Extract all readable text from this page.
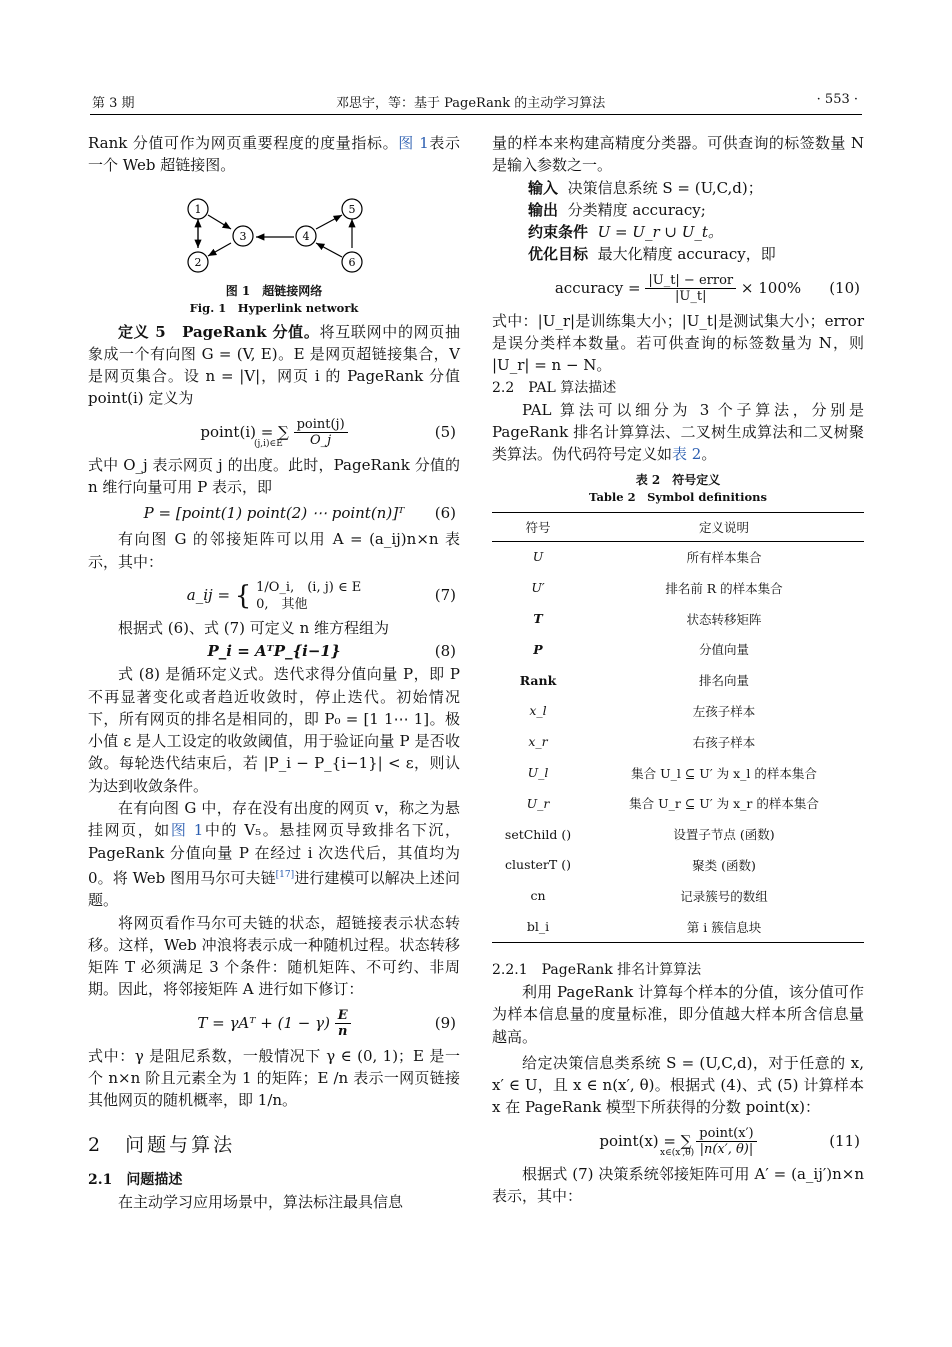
第 3 期	邓思宇，等：基于 PageRank 的主动学习算法	· 553 ·

Rank 分值可作为网页重要程度的度量指标。图 1表示一个 Web 超链接图。

1
2
3	4
5
6
图 1　超链接网络
Fig. 1　Hyperlink network

定义 5　PageRank 分值。将互联网中的网页抽象成一个有向图 G = (V, E)。E 是网页超链接集合，V 是网页集合。设 n = |V|，网页 i 的 PageRank 分值 point(i) 定义为

point(i) = ∑ $\frac{\text{point(j)}}{O\_j}$
(j,i)∈E
(5)

式中 O_j 表示网页 j 的出度。此时，PageRank 分值的 n 维行向量可用 P 表示，即

P = [point(1) point(2) ⋯ point(n)]ᵀ (6)

有向图 G 的邻接矩阵可以用 A = (a_ij)n×n 表示，其中：

a_ij = { 1/O_i,　(i, j) ∈ E
0,　其他
(7)

根据式 (6)、式 (7) 可定义 n 维方程组为

P_i = AᵀP_{i−1}	(8)

式 (8) 是循环定义式。迭代求得分值向量 P，即 P 不再显著变化或者趋近收敛时，停止迭代。初始情况下，所有网页的排名是相同的，即 P₀ = [1 1⋯ 1]。极小值 ε 是人工设定的收敛阈值，用于验证向量 P 是否收敛。每轮迭代结束后，若 |P_i − P_{i−1}| < ε，则认为达到收敛条件。

在有向图 G 中，存在没有出度的网页 v，称之为悬挂网页，如图 1中的 V₅。悬挂网页导致排名下沉，PageRank 分值向量 P 在经过 i 次迭代后，其值均为 0。将 Web 图用马尔可夫链[17]进行建模可以解决上述问题。

将网页看作马尔可夫链的状态，超链接表示状态转移。这样，Web 冲浪将表示成一种随机过程。状态转移矩阵 T 必须满足 3 个条件：随机矩阵、不可约、非周期。因此，将邻接矩阵 A 进行如下修订：

T = γAᵀ + $(1 - \gamma) \frac{E}{n}$	(9)

式中：γ 是阻尼系数，一般情况下 γ ∈ (0, 1)；E 是一个 n×n 阶且元素全为 1 的矩阵；E /n 表示一网页链接其他网页的随机概率，即 1/n。

2　问题与算法
2.1　问题描述

在主动学习应用场景中，算法标注最具信息

量的样本来构建高精度分类器。可供查询的标签数量 N 是输入参数之一。

输入 决策信息系统 S = (U,C,d)；

输出 分类精度 accuracy;

约束条件 U = U_r ∪ U_t。

优化目标 最大化精度 accuracy，即

accuracy = $\frac{\text{|U\_t| − error}}{|U\_t|} \times 100\%$ (10)

式中：|U_r|是训练集大小；|U_t|是测试集大小；error 是误分类样本数量。若可供查询的标签数量为 N，则 |U_r| = n − N。

2.2　PAL 算法描述

PAL 算法可以细分为 3 个子算法，分别是 PageRank 排名计算算法、二叉树生成算法和二叉树聚类算法。伪代码符号定义如表 2。

表 2　符号定义
Table 2　Symbol definitions
符号	定义说明
U	所有样本集合
U′	排名前 R 的样本集合
T	状态转移矩阵
P	分值向量
Rank	排名向量
x_l	左孩子样本
x_r	右孩子样本
U_l	集合 U_l ⊆ U′ 为 x_l 的样本集合
U_r	集合 U_r ⊆ U′ 为 x_r 的样本集合
setChild ()	设置子节点 (函数)
clusterT ()	聚类 (函数)
cn	记录簇号的数组
bl_i	第 i 簇信息块
2.2.1　PageRank 排名计算算法

利用 PageRank 计算每个样本的分值，该分值可作为样本信息量的度量标准，即分值越大样本所含信息量越高。

给定决策信息类系统 S = (U,C,d)，对于任意的 x, x′ ∈ U，且 x ∈ n(x′, θ)。根据式 (4)、式 (5) 计算样本 x 在 PageRank 模型下所获得的分数 point(x)：

point(x) = ∑ $\frac{\text{point(x′)}}{|n(x', \theta)|}$
x∈(x′,θ)
(11)

根据式 (7) 决策系统邻接矩阵可用 A′ = (a_ij′)n×n 表示，其中：
